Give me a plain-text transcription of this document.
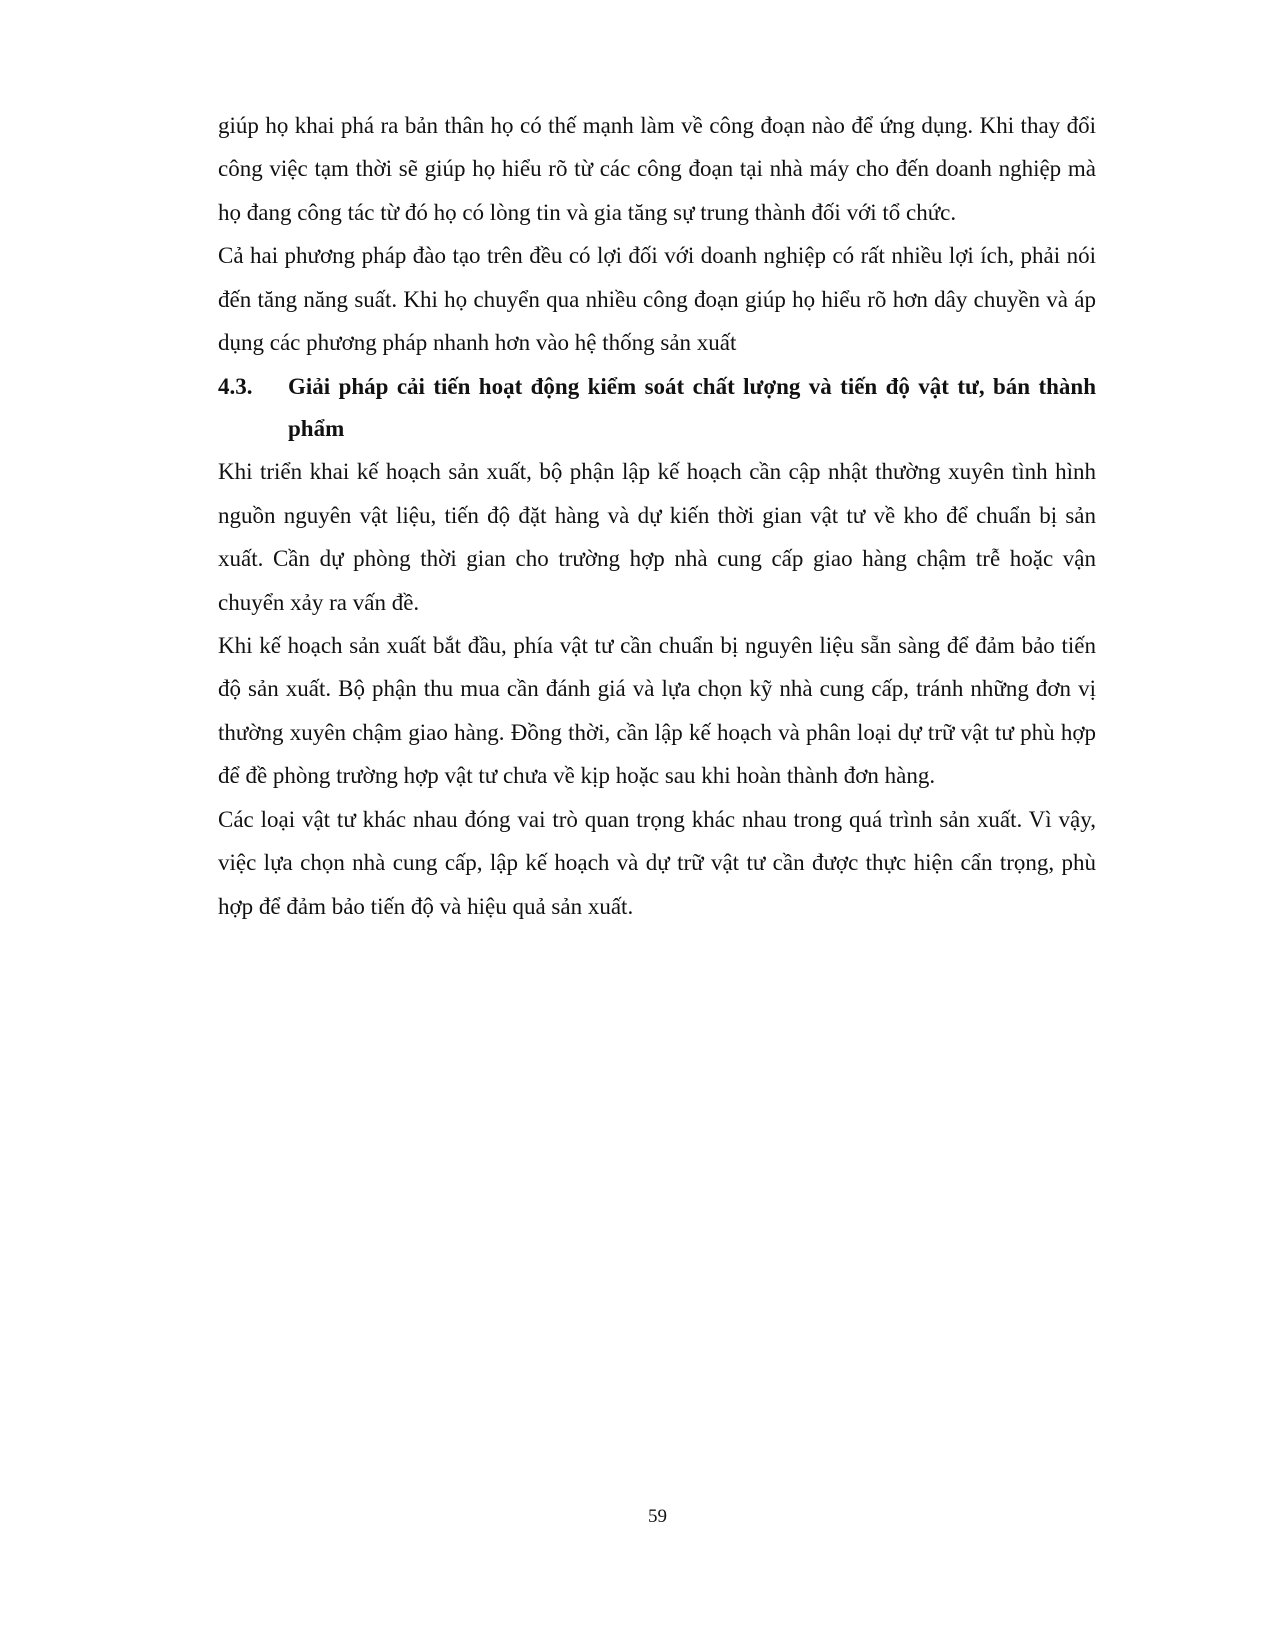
giúp họ khai phá ra bản thân họ có thế mạnh làm về công đoạn nào để ứng dụng. Khi thay đổi công việc tạm thời sẽ giúp họ hiểu rõ từ các công đoạn tại nhà máy cho đến doanh nghiệp mà họ đang công tác từ đó họ có lòng tin và gia tăng sự trung thành đối với tổ chức.

Cả hai phương pháp đào tạo trên đều có lợi đối với doanh nghiệp có rất nhiều lợi ích, phải nói đến tăng năng suất. Khi họ chuyển qua nhiều công đoạn giúp họ hiểu rõ hơn dây chuyền và áp dụng các phương pháp nhanh hơn vào hệ thống sản xuất

4.3.	Giải pháp cải tiến hoạt động kiểm soát chất lượng và tiến độ vật tư, bán thành phẩm

Khi triển khai kế hoạch sản xuất, bộ phận lập kế hoạch cần cập nhật thường xuyên tình hình nguồn nguyên vật liệu, tiến độ đặt hàng và dự kiến thời gian vật tư về kho để chuẩn bị sản xuất. Cần dự phòng thời gian cho trường hợp nhà cung cấp giao hàng chậm trễ hoặc vận chuyển xảy ra vấn đề.

Khi kế hoạch sản xuất bắt đầu, phía vật tư cần chuẩn bị nguyên liệu sẵn sàng để đảm bảo tiến độ sản xuất. Bộ phận thu mua cần đánh giá và lựa chọn kỹ nhà cung cấp, tránh những đơn vị thường xuyên chậm giao hàng. Đồng thời, cần lập kế hoạch và phân loại dự trữ vật tư phù hợp để đề phòng trường hợp vật tư chưa về kịp hoặc sau khi hoàn thành đơn hàng.

Các loại vật tư khác nhau đóng vai trò quan trọng khác nhau trong quá trình sản xuất. Vì vậy, việc lựa chọn nhà cung cấp, lập kế hoạch và dự trữ vật tư cần được thực hiện cẩn trọng, phù hợp để đảm bảo tiến độ và hiệu quả sản xuất.

59
